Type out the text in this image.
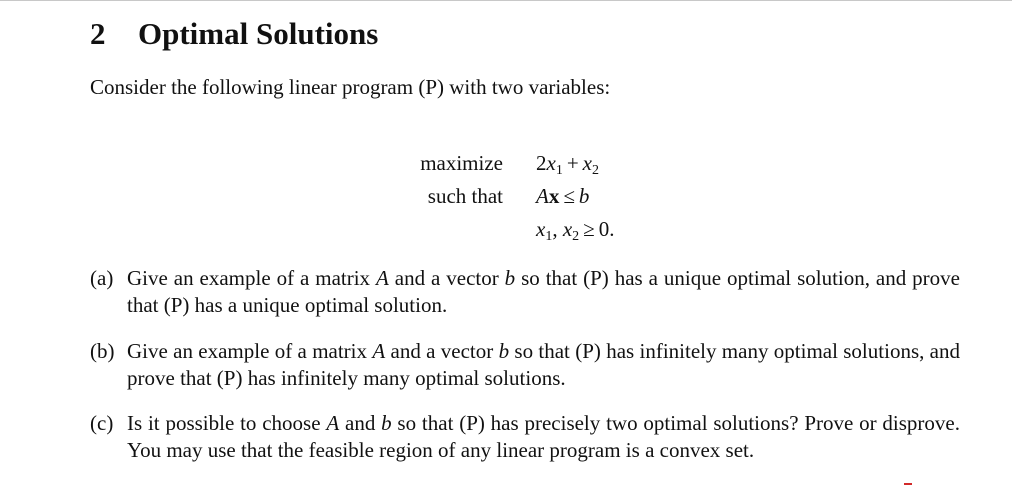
2 Optimal Solutions
Consider the following linear program (P) with two variables:
maximize $2x_1 + x_2$
such that Ax ≤ b
$x_1$, $x_2 \ge 0$.
(a) Give an example of a matrix A and a vector b so that (P) has a unique optimal solution, and prove that (P) has a unique optimal solution.
(b) Give an example of a matrix A and a vector b so that (P) has infinitely many optimal solutions, and prove that (P) has infinitely many optimal solutions.
(c) Is it possible to choose A and b so that (P) has precisely two optimal solutions? Prove or disprove. You may use that the feasible region of any linear program is a convex set.
